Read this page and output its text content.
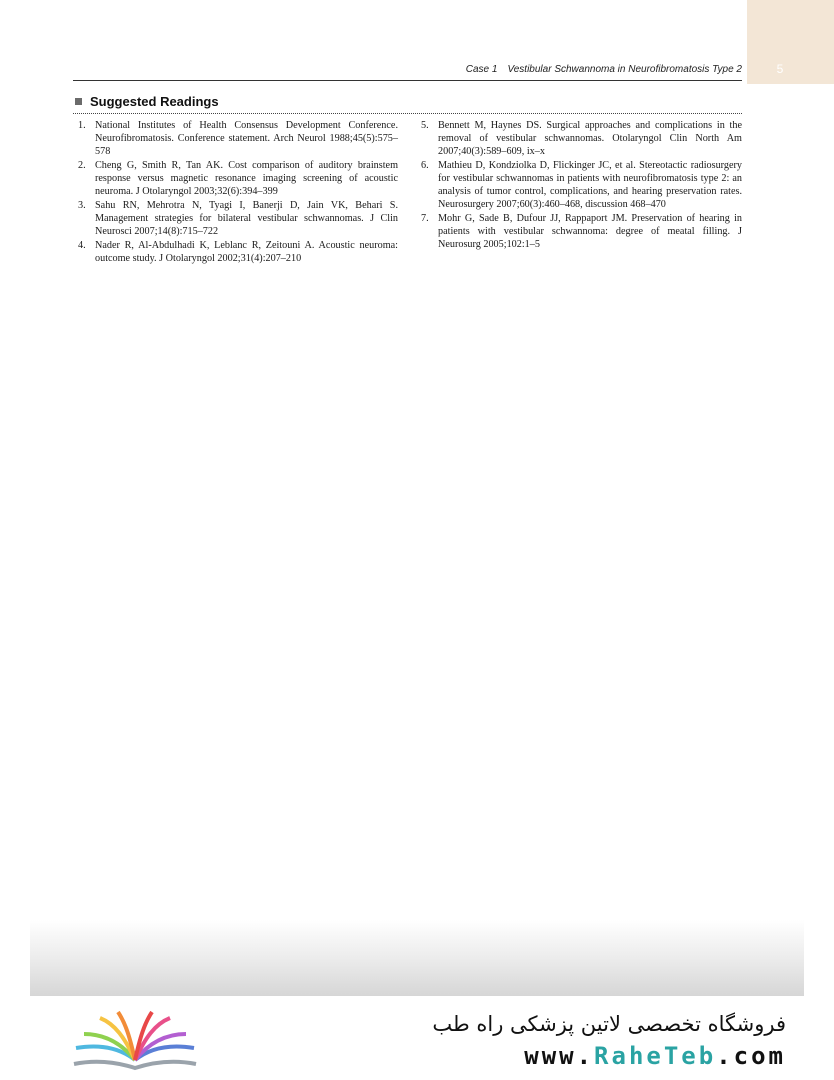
5
Case 1 Vestibular Schwannoma in Neurofibromatosis Type 2
Suggested Readings
1. National Institutes of Health Consensus Development Conference. Neurofibromatosis. Conference statement. Arch Neurol 1988;45(5):575–578
2. Cheng G, Smith R, Tan AK. Cost comparison of auditory brainstem response versus magnetic resonance imaging screening of acoustic neuroma. J Otolaryngol 2003;32(6):394–399
3. Sahu RN, Mehrotra N, Tyagi I, Banerji D, Jain VK, Behari S. Management strategies for bilateral vestibular schwannomas. J Clin Neurosci 2007;14(8):715–722
4. Nader R, Al-Abdulhadi K, Leblanc R, Zeitouni A. Acoustic neuroma: outcome study. J Otolaryngol 2002;31(4):207–210
5. Bennett M, Haynes DS. Surgical approaches and complications in the removal of vestibular schwannomas. Otolaryngol Clin North Am 2007;40(3):589–609, ix–x
6. Mathieu D, Kondziolka D, Flickinger JC, et al. Stereotactic radiosurgery for vestibular schwannomas in patients with neurofibromatosis type 2: an analysis of tumor control, complications, and hearing preservation rates. Neurosurgery 2007;60(3):460–468, discussion 468–470
7. Mohr G, Sade B, Dufour JJ, Rappaport JM. Preservation of hearing in patients with vestibular schwannoma: degree of meatal filling. J Neurosurg 2005;102:1–5
فروشگاه تخصصی لاتین پزشکی راه طب
www.RaheTeb.com
